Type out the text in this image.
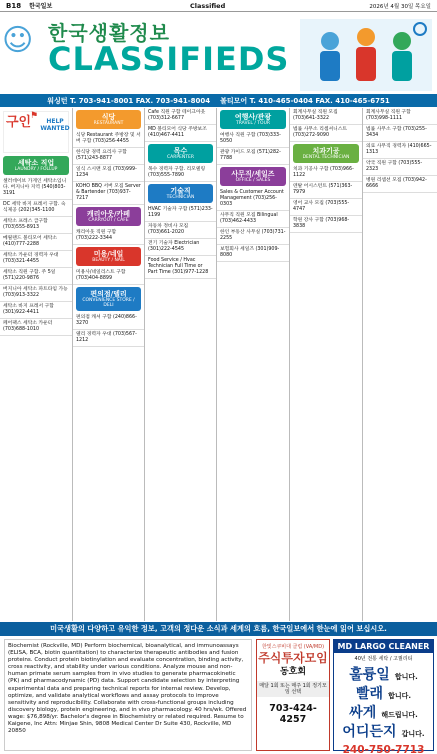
B18 한국일보	Classified	2026년 4월 30일 목요일
☺ 한국생활정보
CLASSIFIEDS
워싱턴 T. 703-941-8001 FAX. 703-941-8004 볼티모어 T. 410-465-0404 FAX. 410-465-6751
⚑
구인	HELP WANTED
세탁소 직업
LAUNDRY / FOLLUP
셀러데이브 가게인 세탁소입니다. 버지니아 지역 (540)803-3191
DC 세탁 바지 프레서 구함. 숙식제공 (202)345-1100
세탁소 프레스 급구함 (703)555-8913
메릴랜드 볼티모어 세탁소 (410)777-2288
세탁소 카운터 경력자 우대 (703)321-4455
세탁소 직원 구함. 주 5일 (571)220-9876
버지니아 세탁소 파트타임 가능 (703)913-3322
세탁소 바지 프레서 구함 (301)922-4411
페어팩스 세탁소 카운터 (703)688-1010
식당
RESTAURANT
식당 Restaurant 주방장 및 서버 구함 (703)256-4455
한식당 경력 요리사 구함 (571)243-8877
일식 스시맨 모집 (703)999-1234
KOHO BBQ 서버 모집 Server & Bartender (703)937-7217
캐리아웃/카페
CARRYOUT / CAFE
캐리아웃 직원 구함 (703)222-3344
미용/네일
BEAUTY / NAIL
미용사/네일리스트 구함 (703)404-8899
편의점/델리
CONVENIENCE STORE / DELI
편의점 캐셔 구함 (240)866-3270
델리 경력자 우대 (703)567-1212
Cafe 직원 구함 테이크아웃 (703)312-6677
MD 볼티모어 식당 주방보조 (410)467-4411
목수
CARPENTER
목수 경력자 구함. 리모델링 (703)555-7890
기술직
TECHNICIAN
HVAC 기술자 구함 (571)233-1199
자동차 정비사 모집 (703)661-2020
전기 기술자 Electrician (301)222-4545
Food Service / Hvac Technician Full Time or Part Time (301)977-1228
여행사/관광
TRAVEL / TOUR
여행사 직원 구함 (703)333-5050
관광 가이드 모집 (571)282-7788
사무직/세일즈
OFFICE / SALES
Sales & Customer Account Management (703)256-0303
사무직 직원 모집 Bilingual (703)462-4433
한인 부동산 사무실 (703)731-2255
보험회사 세일즈 (301)909-8080
회계사무실 직원 모집 (703)641-3322
법률 사무소 리셉셔니스트 (703)272-9090
치과기공
DENTAL TECHNICIAN
치과 기공사 구함 (703)966-1122
덴탈 어시스턴트 (571)363-7979
영어 교사 모집 (703)555-4747
학원 강사 구함 (703)968-3838
회계사무실 직원 구함 (703)998-1111
법률 사무소 구함 (703)255-3434
의료 사무직 경력자 (410)665-1313
약국 직원 구함 (703)555-2323
병원 리셉션 모집 (703)942-6666
미국생활의 다양하고 유익한 정보, 고객의 정다운 소식과 세계의 흐름, 한국일보에서 한눈에 읽어 보십시오.
Biochemist (Rockville, MD) Perform biochemical, bioanalytical, and immunoassays (ELISA, BCA, biotin quantitation) to characterize therapeutic antibodies and fusion proteins. Conduct protein biotinylation and evaluate concentration, binding activity, cross reactivity, and stability under various conditions. Analyze mouse and non-human primate serum samples from in vivo studies to generate pharmacokinetic (PK) and pharmacodynamic (PD) data. Support candidate selection by interpreting experimental data and preparing technical reports for internal review. Develop, optimize, and validate analytical workflows and assay protocols to improve sensitivity and reproducibility. Collaborate with cross-functional groups including discovery biology, protein engineering, and in vivo pharmacology. 40 hrs/wk. Offered wage: $76,898/yr. Bachelor's degree in Biochemistry or related required. Resume to Kaigene, Inc Attn: Minjae Shin, 9808 Medical Center Dr Suite 430, Rockville, MD 20850
한빛스쿠비대 클럽 (VA/MD)
주식투자모임
동호회
매달 1회 또는 매주 1회 정기모임 선택
703-424-4257
MD LARGO CLEANER
40년 전통 세탁 / 고퀄리티
훌륭일 합니다.
빨래 합니다.
싸게 해드립니다.
어디든지 갑니다.
240-750-7713
